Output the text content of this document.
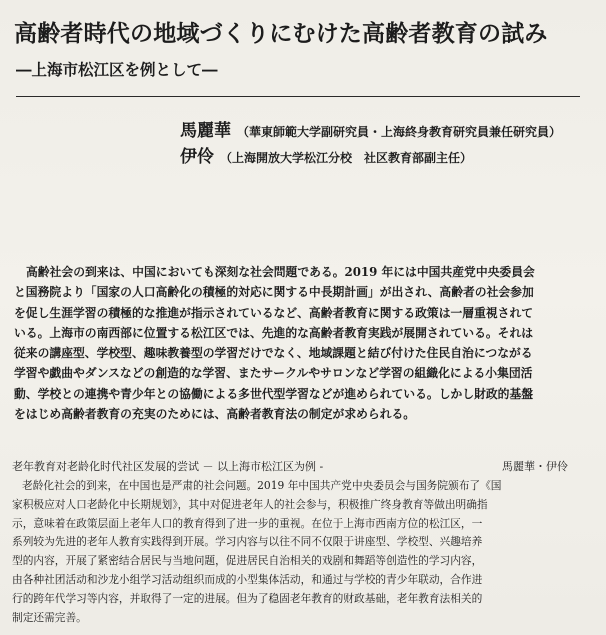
高齢者時代の地域づくりにむけた高齢者教育の試み
―上海市松江区を例として―
馬麗華 （華東師範大学副研究員・上海終身教育研究員兼任研究員）
伊伶 （上海開放大学松江分校　社区教育部副主任）
高齢社会の到来は、中国においても深刻な社会問題である。2019 年には中国共産党中央委員会
と国務院より「国家の人口高齢化の積極的対応に関する中長期計画」が出され、高齢者の社会参加
を促し生涯学習の積極的な推進が指示されているなど、高齢者教育に関する政策は一層重視されて
いる。上海市の南西部に位置する松江区では、先進的な高齢者教育実践が展開されている。それは
従来の講座型、学校型、趣味教養型の学習だけでなく、地域課題と結び付けた住民自治につながる
学習や戯曲やダンスなどの創造的な学習、またサークルやサロンなど学習の組織化による小集団活
動、学校との連携や青少年との協働による多世代型学習などが進められている。しかし財政的基盤
をはじめ高齢者教育の充実のためには、高齢者教育法の制定が求められる。
老年教育对老龄化时代社区发展的尝试 － 以上海市松江区为例 -	馬麗華・伊伶
老龄化社会的到来，在中国也是严肃的社会问题。2019 年中国共产党中央委员会与国务院颁布了《国
家积极应对人口老龄化中长期规划》，其中对促进老年人的社会参与，积极推广终身教育等做出明确指
示，意味着在政策层面上老年人口的教育得到了进一步的重视。在位于上海市西南方位的松江区，一
系列较为先进的老年人教育实践得到开展。学习内容与以往不同不仅限于讲座型、学校型、兴趣培养
型的内容，开展了紧密结合居民与当地问题，促进居民自治相关的戏剧和舞蹈等创造性的学习内容，
由各种社团活动和沙龙小组学习活动组织而成的小型集体活动，和通过与学校的青少年联动，合作进
行的跨年代学习等内容，并取得了一定的进展。但为了稳固老年教育的财政基础，老年教育法相关的
制定还需完善。
